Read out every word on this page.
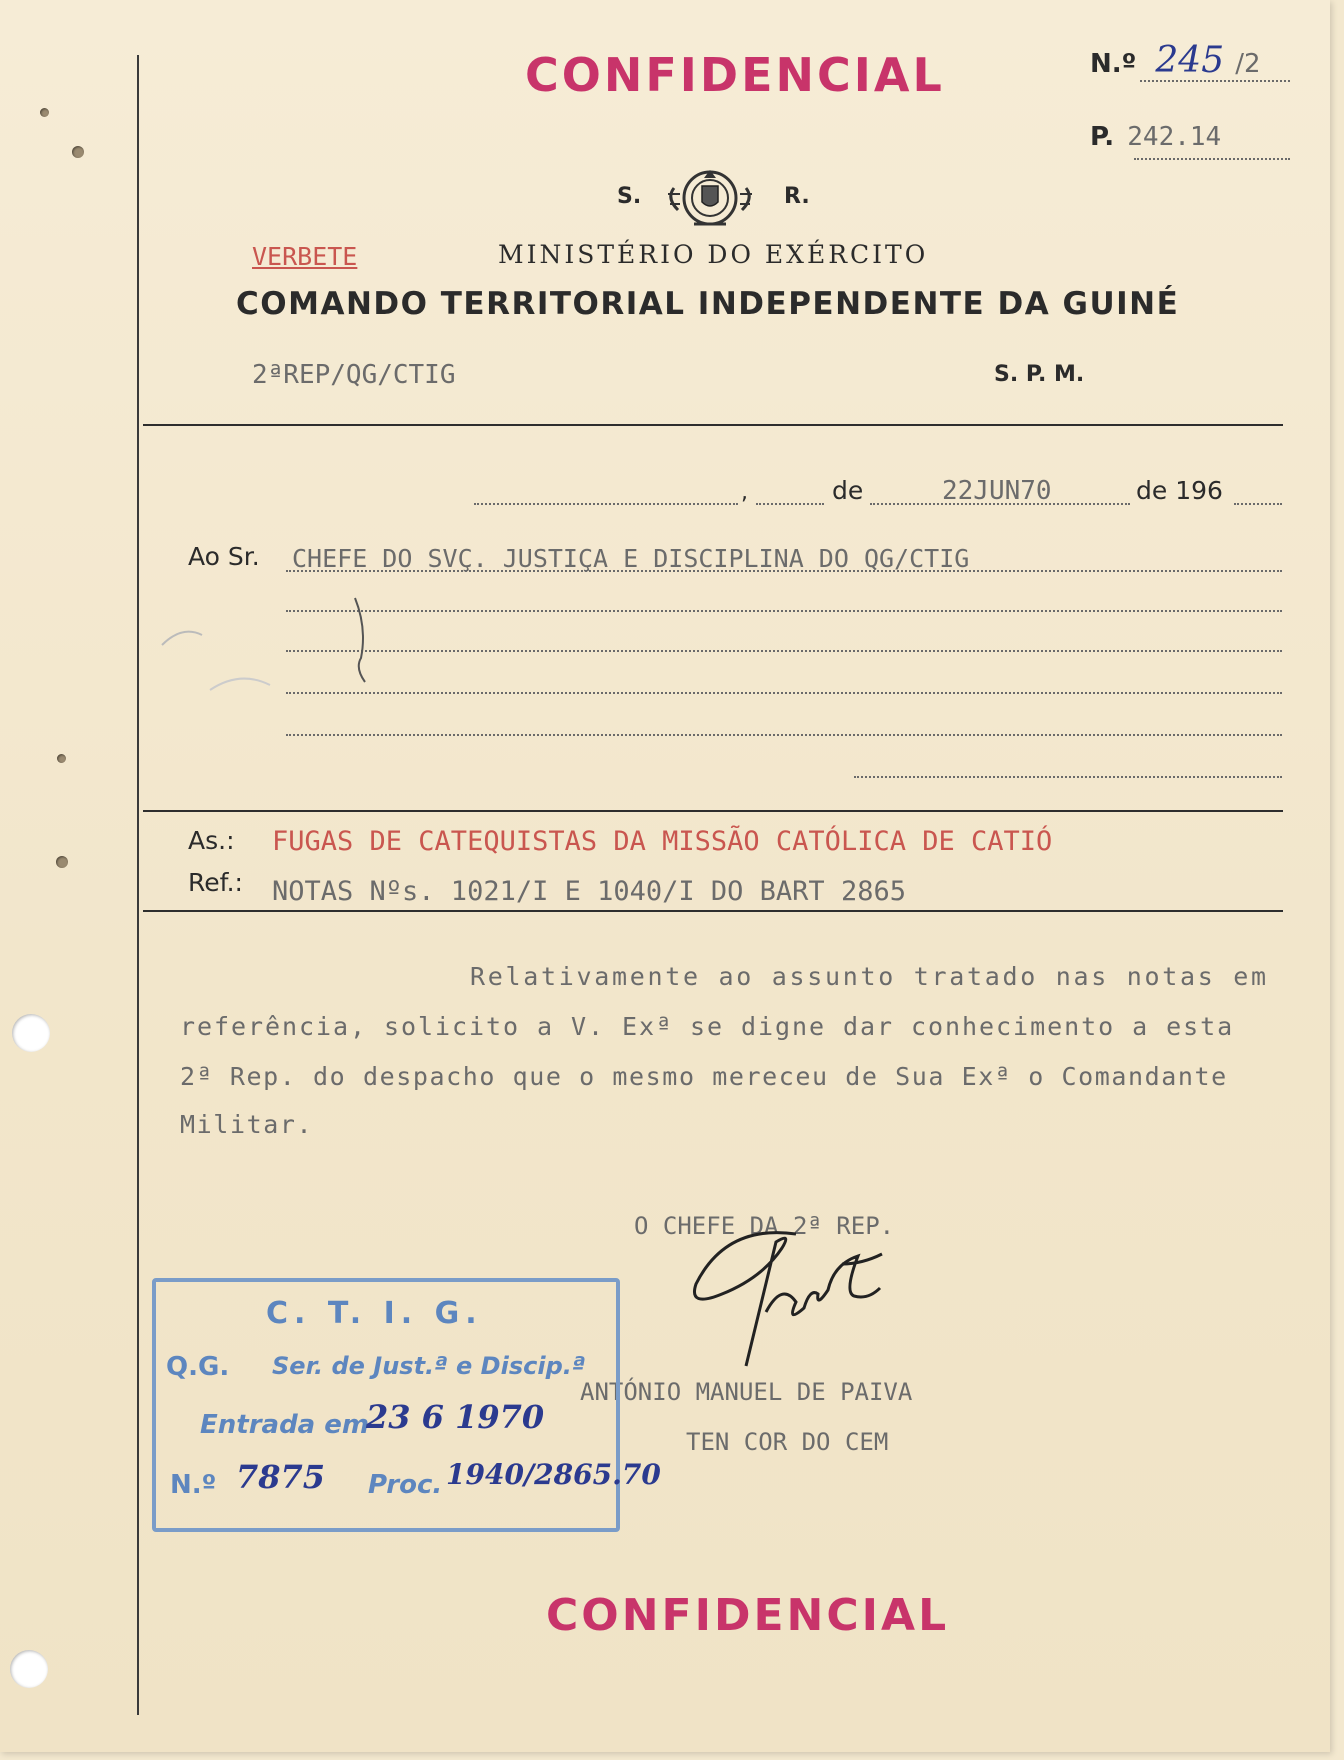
CONFIDENCIAL	N.º 245 /2
P. 242.14
S.	R.
VERBETE	MINISTÉRIO DO EXÉRCITO
COMANDO TERRITORIAL INDEPENDENTE DA GUINÉ
2ªREP/QG/CTIG	S. P. M.
,	de	22JUN70	de 196
Ao Sr. CHEFE DO SVÇ. JUSTIÇA E DISCIPLINA DO QG/CTIG
As.: FUGAS DE CATEQUISTAS DA MISSÃO CATÓLICA DE CATIÓ
Ref.: NOTAS Nºs. 1021/I E 1040/I DO BART 2865
Relativamente ao assunto tratado nas notas em
referência, solicito a V. Exª se digne dar conhecimento a esta
2ª Rep. do despacho que o mesmo mereceu de Sua Exª o Comandante
Militar.
O CHEFE DA 2ª REP.
ANTÓNIO MANUEL DE PAIVA
TEN COR DO CEM
C. T. I. G.
Q.G. Ser. de Just.ª e Discip.ª
Entrada em
23 6 1970
N.º 7875 Proc. 1940/2865.70
CONFIDENCIAL
